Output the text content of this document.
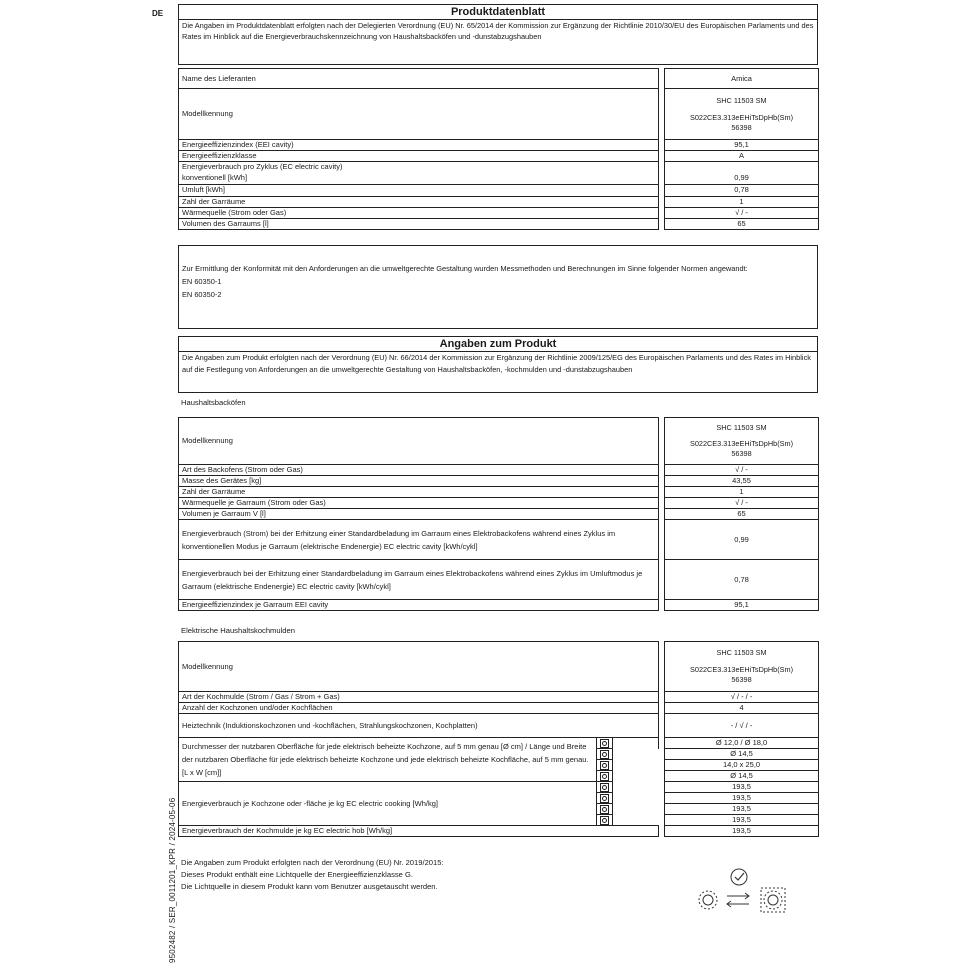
DE
9502482 / SER_0011201_KPR / 2024-05-06
Produktdatenblatt
Die Angaben im Produktdatenblatt erfolgten nach der Delegierten Verordnung (EU) Nr. 65/2014 der Kommission zur Ergänzung der Richtlinie 2010/30/EU des Europäischen Parlaments und des Rates im Hinblick auf die Energieverbrauchskennzeichnung von Haushaltsbacköfen und -dunstabzugshauben
Name des Lieferanten		Amica
Modellkennung		SHC 11503 SM
S022CE3.313eEHiTsDpHb(Sm)
56398

Energieeffizienzindex (EEI cavity)		95,1
Energieeffizienzklasse		A
Energieverbrauch pro Zyklus (EC electric cavity)		
konventionell [kWh]		0,99
Umluft [kWh]		0,78
Zahl der Garräume		1
Wärmequelle (Strom oder Gas)		√ / -
Volumen des Garraums [l]		65
Zur Ermittlung der Konformität mit den Anforderungen an die umweltgerechte Gestaltung wurden Messmethoden und Berechnungen im Sinne folgender Normen angewandt:
EN 60350-1
EN 60350-2
Angaben zum Produkt
Die Angaben zum Produkt erfolgten nach der Verordnung (EU) Nr. 66/2014 der Kommission zur Ergänzung der Richtlinie 2009/125/EG des Europäischen Parlaments und des Rates im Hinblick auf die Festlegung von Anforderungen an die umweltgerechte Gestaltung von Haushaltsbacköfen, -kochmulden und -dunstabzugshauben
Haushaltsbacköfen
Modellkennung		SHC 11503 SM
S022CE3.313eEHiTsDpHb(Sm)
56398

Art des Backofens (Strom oder Gas)		√ / -
Masse des Gerätes [kg]		43,55
Zahl der Garräume		1
Wärmequelle je Garraum (Strom oder Gas)		√ / -
Volumen je Garraum V [l]		65
Energieverbrauch (Strom) bei der Erhitzung einer Standardbeladung im Garraum eines Elektrobackofens während eines Zyklus im konventionellen Modus je Garraum (elektrische Endenergie) EC electric cavity [kWh/cykl]		0,99
Energieverbrauch bei der Erhitzung einer Standardbeladung im Garraum eines Elektrobackofens während eines Zyklus im Umluftmodus je Garraum (elektrische Endenergie) EC electric cavity [kWh/cykl]		0,78
Energieeffizienzindex je Garraum EEI cavity		95,1
Elektrische Haushaltskochmulden
Modellkennung				SHC 11503 SM
S022CE3.313eEHiTsDpHb(Sm)
56398

Art der Kochmulde (Strom / Gas / Strom + Gas)				√ / - / -
Anzahl der Kochzonen und/oder Kochflächen				4
Heiztechnik (Induktionskochzonen und -kochflächen, Strahlungskochzonen, Kochplatten)				- / √ / -
Durchmesser der nutzbaren Oberfläche für jede elektrisch beheizte Kochzone, auf 5 mm genau [Ø cm] / Länge und Breite der nutzbaren Oberfläche für jede elektrisch beheizte Kochzone und jede elektrisch beheizte Kochfläche, auf 5 mm genau. [L x W [cm]]				Ø 12,0 / Ø 18,0
				Ø 14,5
				14,0 x 25,0
				Ø 14,5
Energieverbrauch je Kochzone oder -fläche je kg EC electric cooking [Wh/kg]				193,5
				193,5
				193,5
				193,5
Energieverbrauch der Kochmulde je kg EC electric hob [Wh/kg]				193,5
Die Angaben zum Produkt erfolgten nach der Verordnung (EU) Nr. 2019/2015:
Dieses Produkt enthält eine Lichtquelle der Energieeffizienzklasse G.
Die Lichtquelle in diesem Produkt kann vom Benutzer ausgetauscht werden.
